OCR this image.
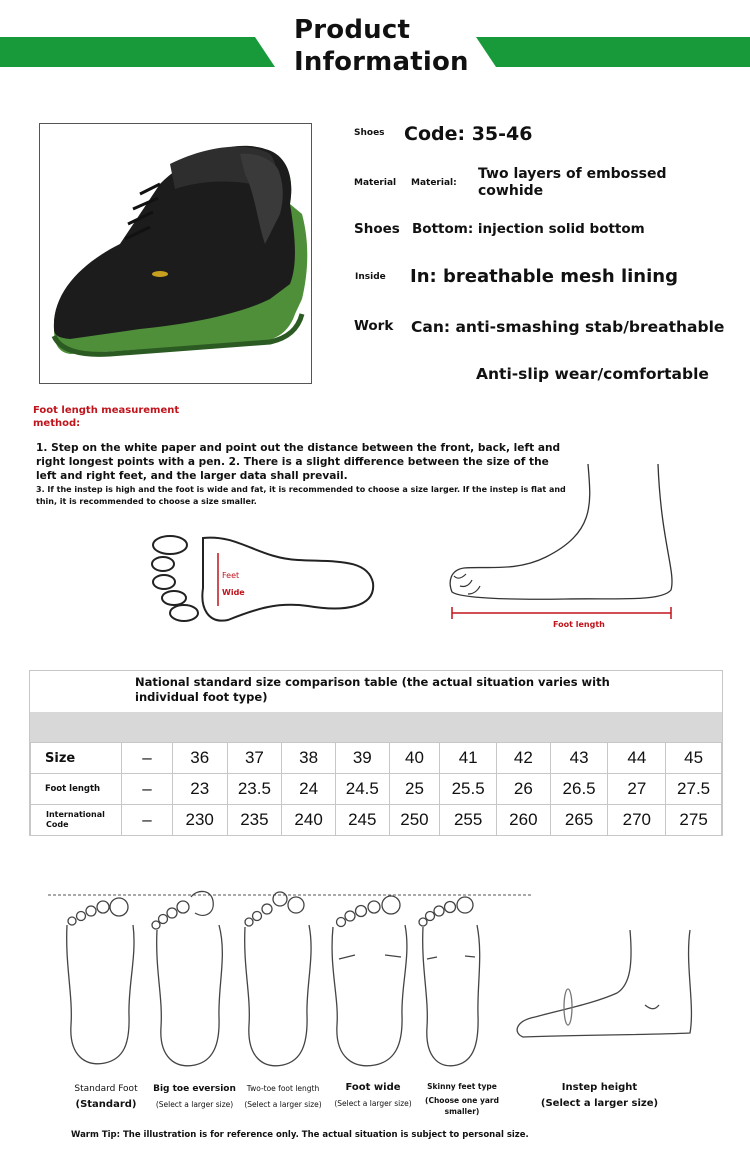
Product
Information
Shoes Code: 35-46
Material Material:
Two layers of embossed cowhide
Shoes Bottom: injection solid bottom
Inside In: breathable mesh lining
Work Can: anti-smashing stab/breathable
Anti-slip wear/comfortable
Foot length measurement method:
1. Step on the white paper and point out the distance between the front, back, left and right longest points with a pen. 2. There is a slight difference between the size of the left and right feet, and the larger data shall prevail.
3. If the instep is high and the foot is wide and fat, it is recommended to choose a size larger. If the instep is flat and thin, it is recommended to choose a size smaller.
Feet
Wide
Foot length
National standard size comparison table (the actual situation varies with individual foot type)
Size	–	36	37	38	39	40	41	42	43	44	45
Foot length	–	23	23.5	24	24.5	25	25.5	26	26.5	27	27.5
International Code	–	230	235	240	245	250	255	260	265	270	275
Standard Foot
(Standard)
Big toe eversion
(Select a larger size)
Two-toe foot length
(Select a larger size)
Foot wide
(Select a larger size)
Skinny feet type
(Choose one yard smaller)
Instep height
(Select a larger size)
Warm Tip: The illustration is for reference only. The actual situation is subject to personal size.
